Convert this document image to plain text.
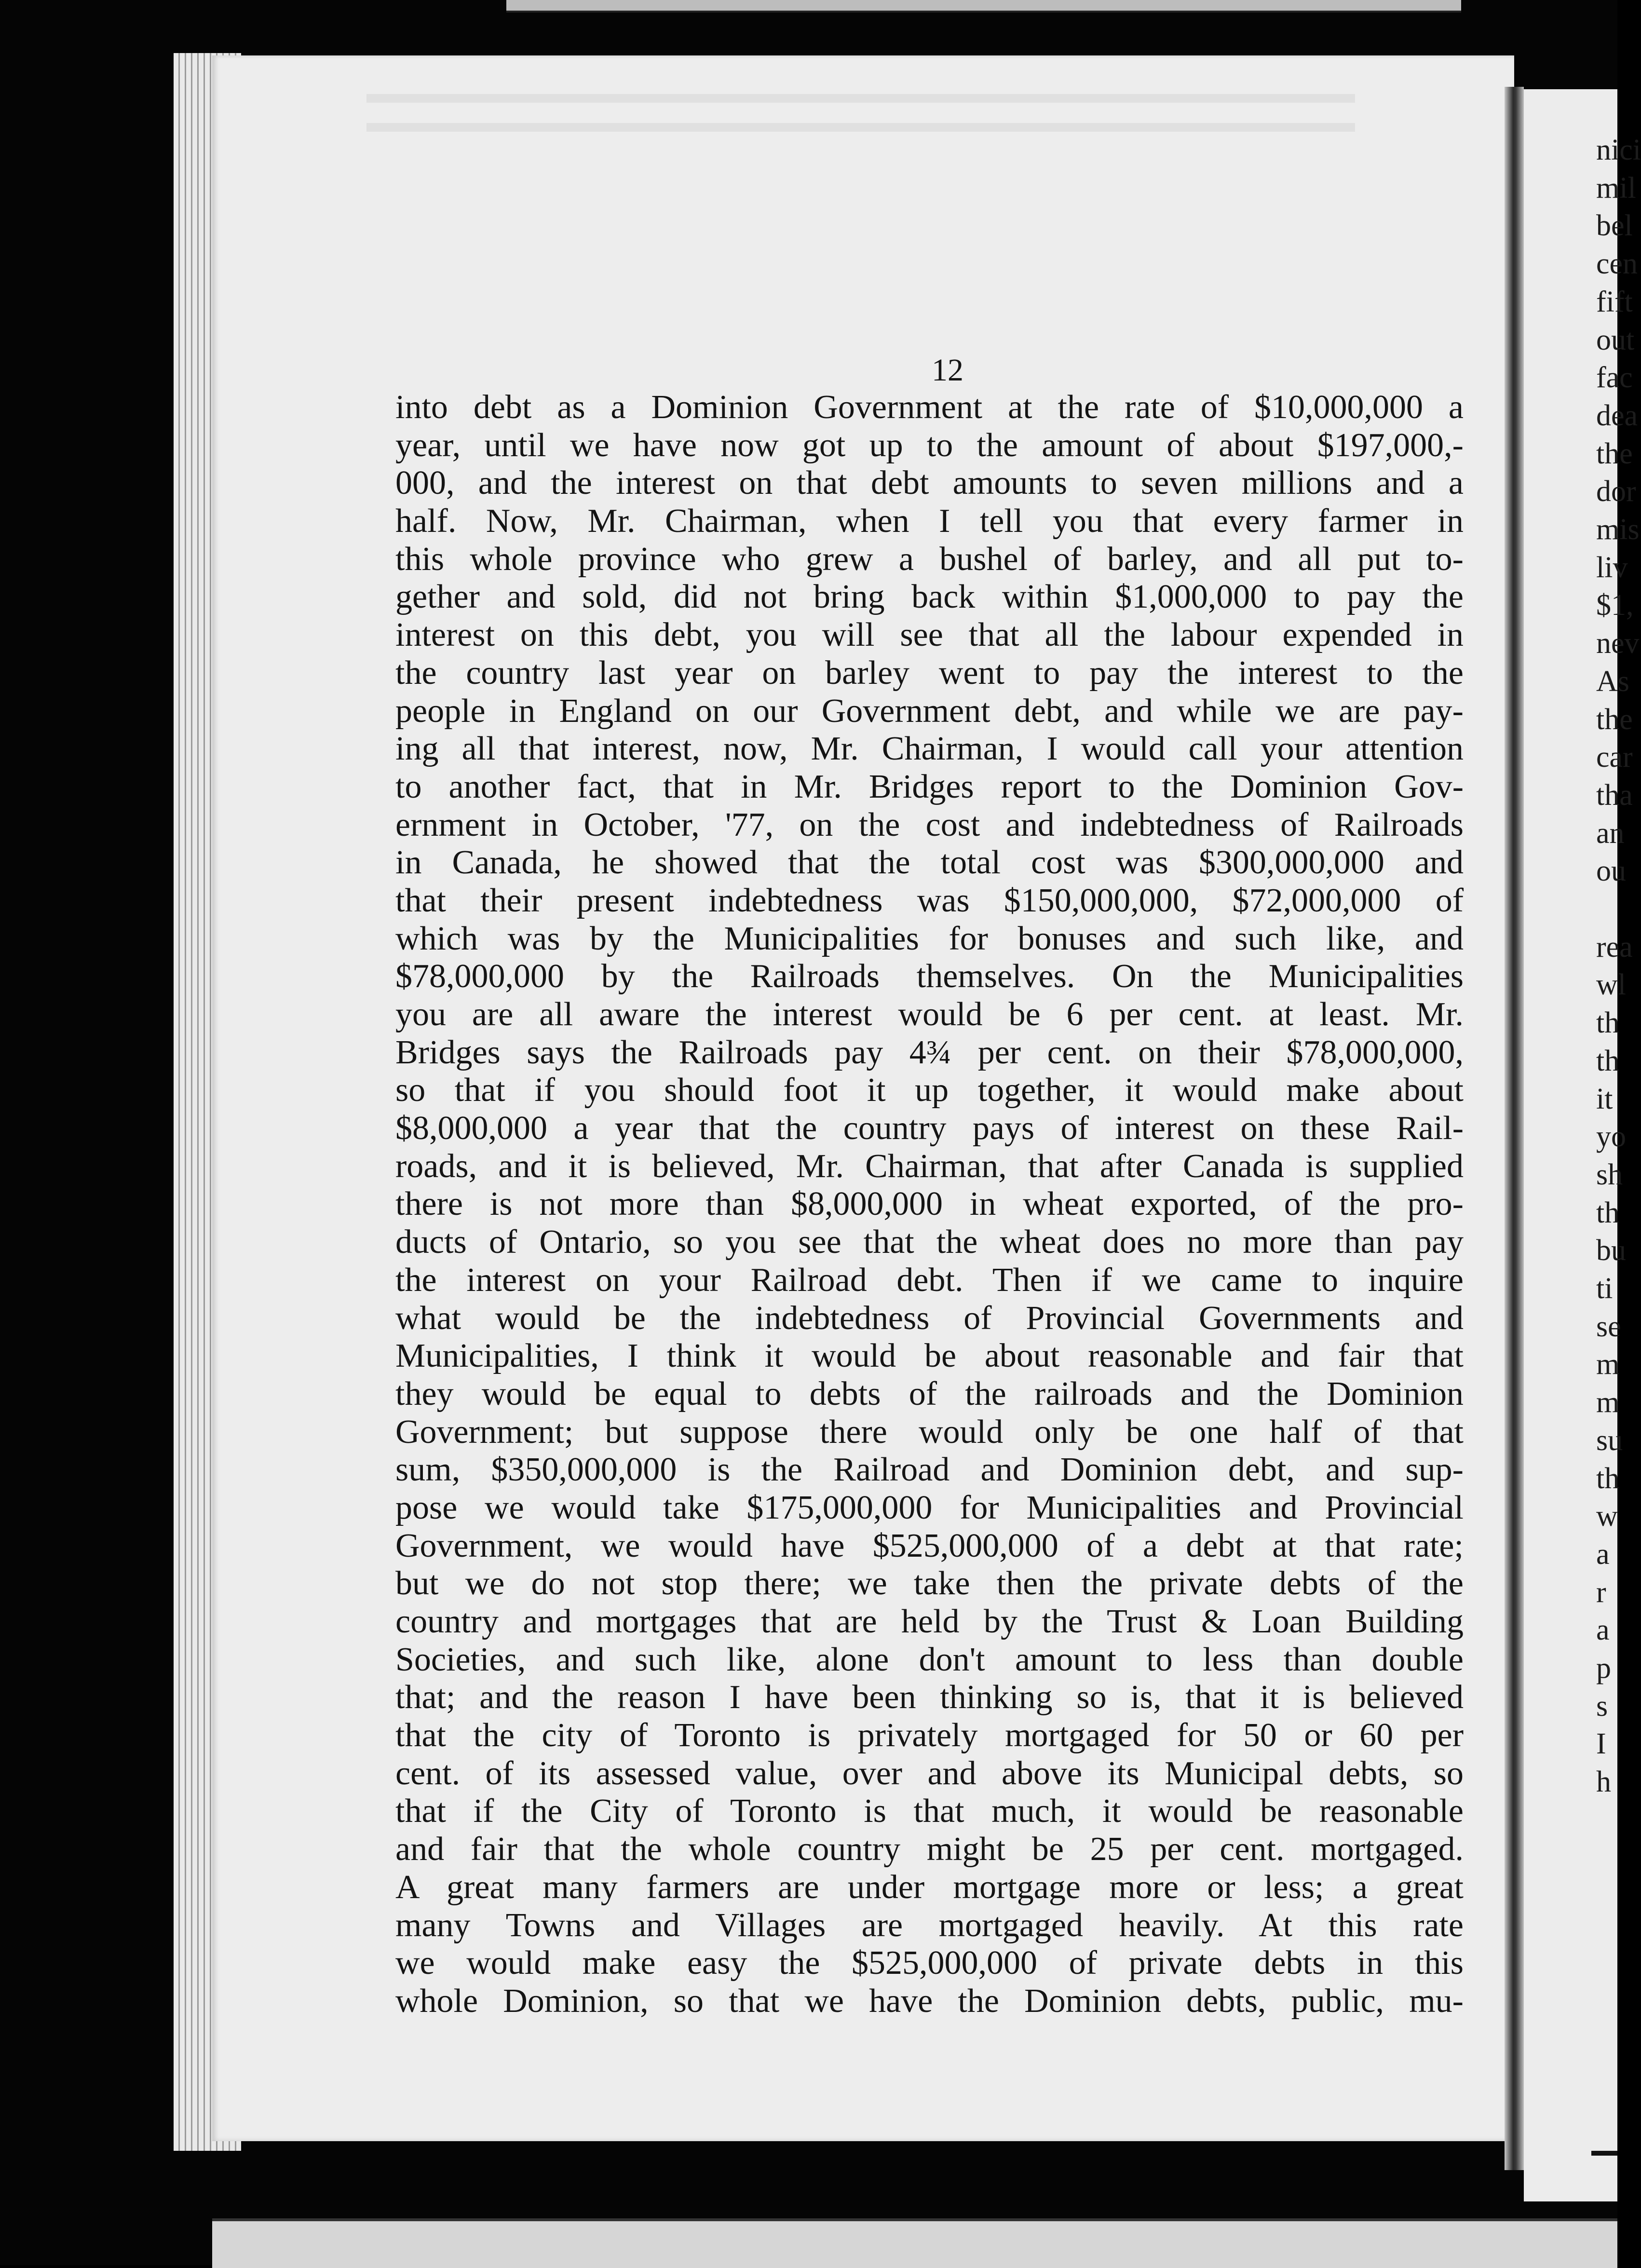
nici
mil
bel
cen
fift
out
fac
dea
the
dor
mis
liv
$1,
nev
As
the
car
tha
an
ou
rea
wl
th
th
it
yo
sh
th
bu
ti
se
m
m
su
th
w
a
r
a
p
s
I
h
12
into debt as a Dominion Government at the rate of $10,000,000 a
year, until we have now got up to the amount of about $197,000,-
000, and the interest on that debt amounts to seven millions and a
half. Now, Mr. Chairman, when I tell you that every farmer in
this whole province who grew a bushel of barley, and all put to-
gether and sold, did not bring back within $1,000,000 to pay the
interest on this debt, you will see that all the labour expended in
the country last year on barley went to pay the interest to the
people in England on our Government debt, and while we are pay-
ing all that interest, now, Mr. Chairman, I would call your attention
to another fact, that in Mr. Bridges report to the Dominion Gov-
ernment in October, '77, on the cost and indebtedness of Railroads
in Canada, he showed that the total cost was $300,000,000 and
that their present indebtedness was $150,000,000, $72,000,000 of
which was by the Municipalities for bonuses and such like, and
$78,000,000 by the Railroads themselves. On the Municipalities
you are all aware the interest would be 6 per cent. at least. Mr.
Bridges says the Railroads pay 4¾ per cent. on their $78,000,000,
so that if you should foot it up together, it would make about
$8,000,000 a year that the country pays of interest on these Rail-
roads, and it is believed, Mr. Chairman, that after Canada is supplied
there is not more than $8,000,000 in wheat exported, of the pro-
ducts of Ontario, so you see that the wheat does no more than pay
the interest on your Railroad debt. Then if we came to inquire
what would be the indebtedness of Provincial Governments and
Municipalities, I think it would be about reasonable and fair that
they would be equal to debts of the railroads and the Dominion
Government; but suppose there would only be one half of that
sum, $350,000,000 is the Railroad and Dominion debt, and sup-
pose we would take $175,000,000 for Municipalities and Provincial
Government, we would have $525,000,000 of a debt at that rate;
but we do not stop there; we take then the private debts of the
country and mortgages that are held by the Trust & Loan Building
Societies, and such like, alone don't amount to less than double
that; and the reason I have been thinking so is, that it is believed
that the city of Toronto is privately mortgaged for 50 or 60 per
cent. of its assessed value, over and above its Municipal debts, so
that if the City of Toronto is that much, it would be reasonable
and fair that the whole country might be 25 per cent. mortgaged.
A great many farmers are under mortgage more or less; a great
many Towns and Villages are mortgaged heavily. At this rate
we would make easy the $525,000,000 of private debts in this
whole Dominion, so that we have the Dominion debts, public, mu-
